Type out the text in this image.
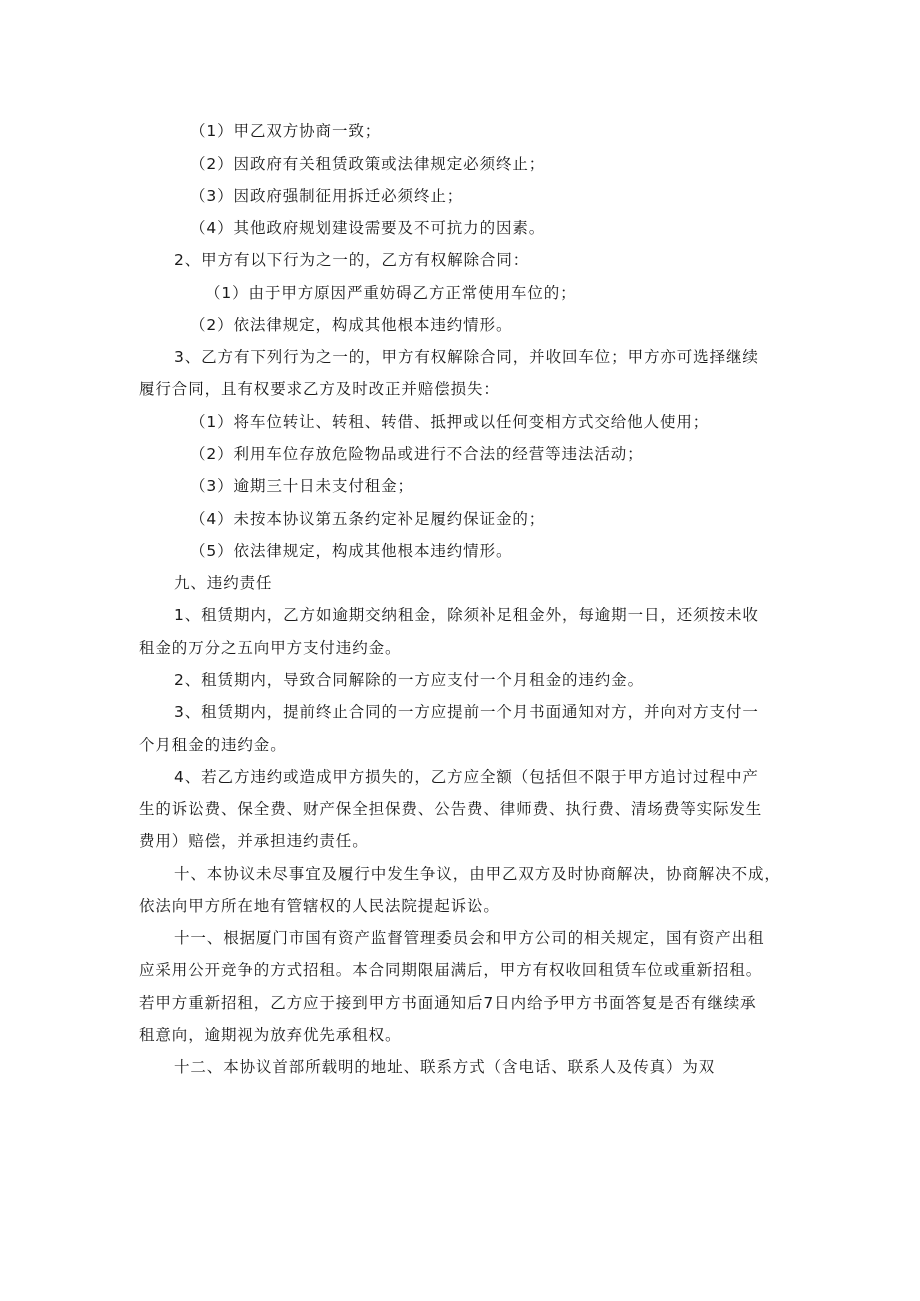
（1）甲乙双方协商一致；
（2）因政府有关租赁政策或法律规定必须终止；
（3）因政府强制征用拆迁必须终止；
（4）其他政府规划建设需要及不可抗力的因素。
2、甲方有以下行为之一的，乙方有权解除合同：
（1）由于甲方原因严重妨碍乙方正常使用车位的；
（2）依法律规定，构成其他根本违约情形。
3、乙方有下列行为之一的，甲方有权解除合同，并收回车位；甲方亦可选择继续
履行合同，且有权要求乙方及时改正并赔偿损失：
（1）将车位转让、转租、转借、抵押或以任何变相方式交给他人使用；
（2）利用车位存放危险物品或进行不合法的经营等违法活动；
（3）逾期三十日未支付租金；
（4）未按本协议第五条约定补足履约保证金的；
（5）依法律规定，构成其他根本违约情形。
九、违约责任
1、租赁期内，乙方如逾期交纳租金，除须补足租金外，每逾期一日，还须按未收
租金的万分之五向甲方支付违约金。
2、租赁期内，导致合同解除的一方应支付一个月租金的违约金。
3、租赁期内，提前终止合同的一方应提前一个月书面通知对方，并向对方支付一
个月租金的违约金。
4、若乙方违约或造成甲方损失的，乙方应全额（包括但不限于甲方追讨过程中产
生的诉讼费、保全费、财产保全担保费、公告费、律师费、执行费、清场费等实际发生
费用）赔偿，并承担违约责任。
十、本协议未尽事宜及履行中发生争议，由甲乙双方及时协商解决，协商解决不成，
依法向甲方所在地有管辖权的人民法院提起诉讼。
十一、根据厦门市国有资产监督管理委员会和甲方公司的相关规定，国有资产出租
应采用公开竞争的方式招租。本合同期限届满后，甲方有权收回租赁车位或重新招租。
若甲方重新招租，乙方应于接到甲方书面通知后7日内给予甲方书面答复是否有继续承
租意向，逾期视为放弃优先承租权。
十二、本协议首部所载明的地址、联系方式（含电话、联系人及传真）为双
